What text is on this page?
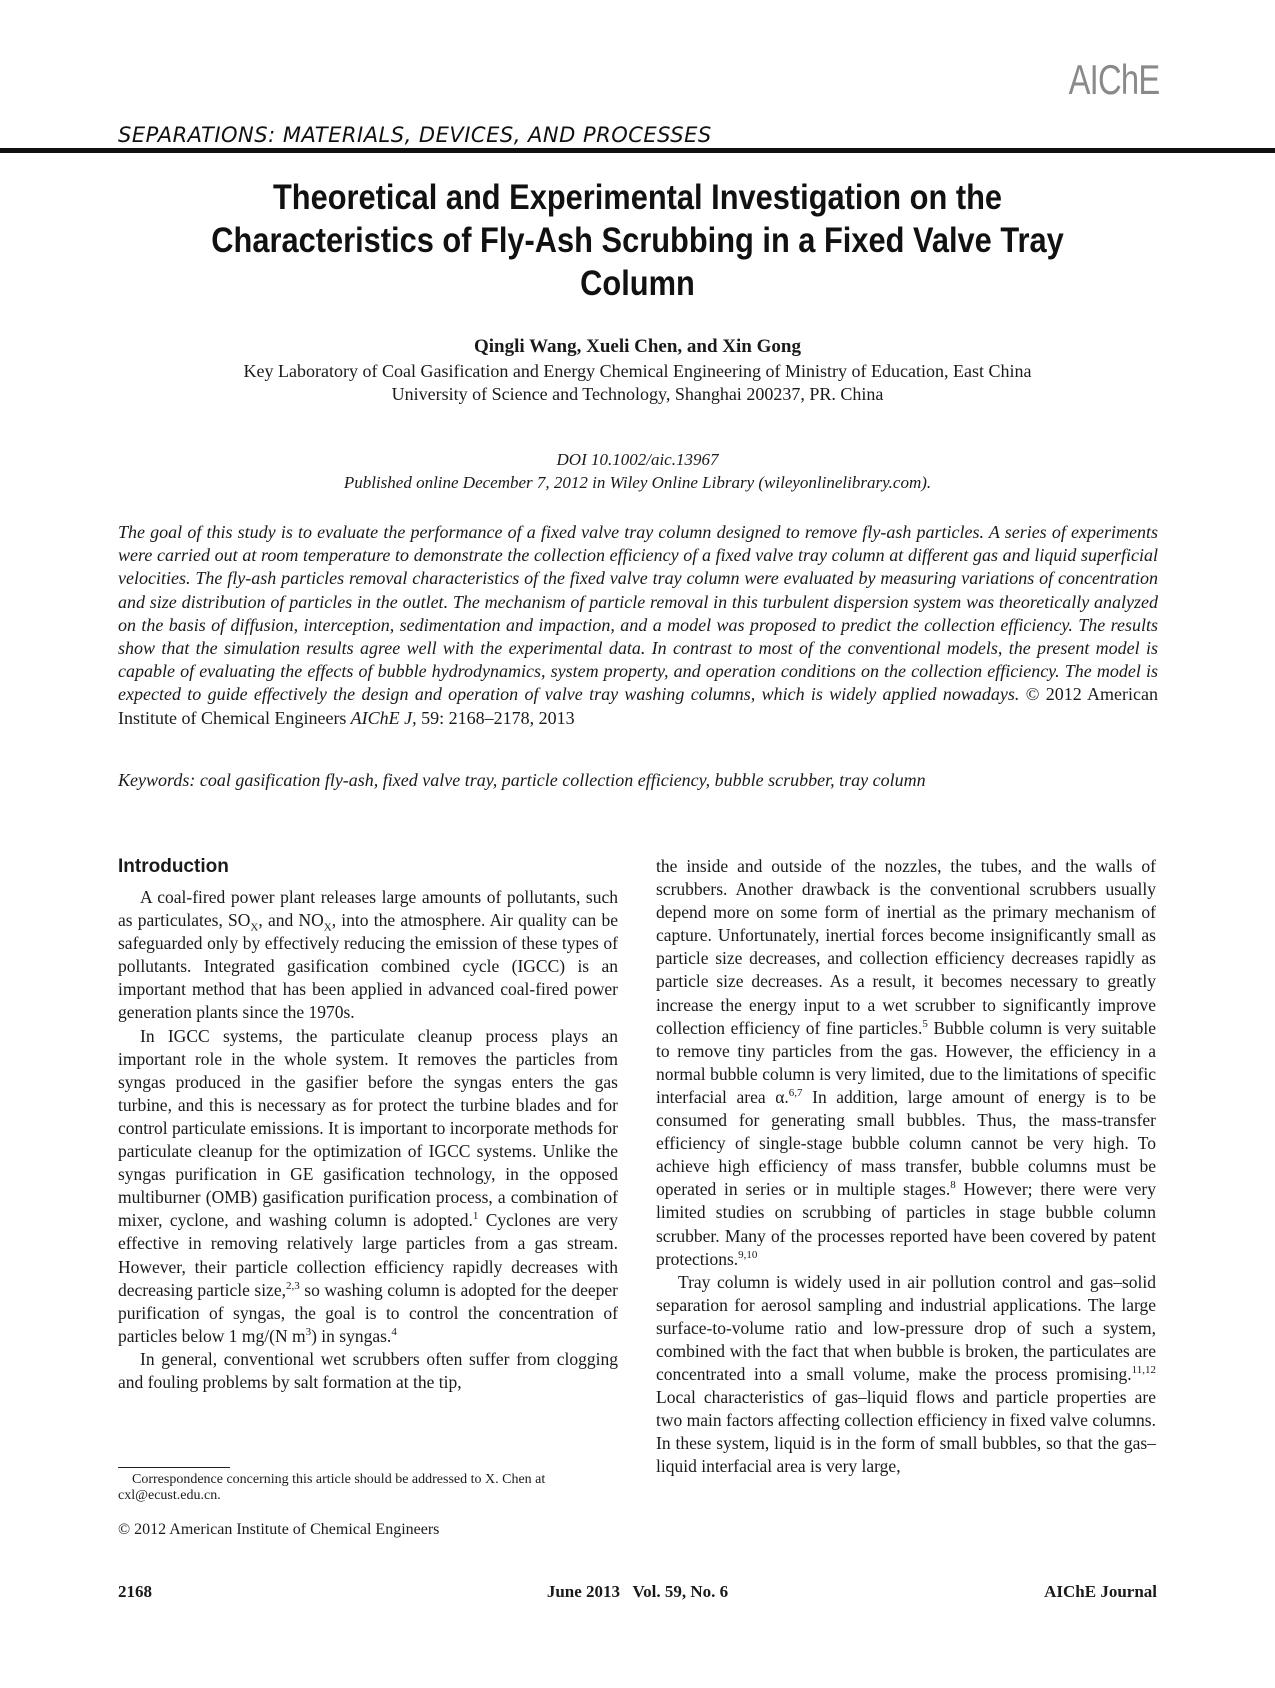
AIChE
SEPARATIONS: MATERIALS, DEVICES, AND PROCESSES
Theoretical and Experimental Investigation on the
Characteristics of Fly-Ash Scrubbing in a Fixed Valve Tray
Column
Qingli Wang, Xueli Chen, and Xin Gong
Key Laboratory of Coal Gasification and Energy Chemical Engineering of Ministry of Education, East China
University of Science and Technology, Shanghai 200237, PR. China
DOI 10.1002/aic.13967
Published online December 7, 2012 in Wiley Online Library (wileyonlinelibrary.com).
The goal of this study is to evaluate the performance of a fixed valve tray column designed to remove fly-ash particles. A series of experiments were carried out at room temperature to demonstrate the collection efficiency of a fixed valve tray column at different gas and liquid superficial velocities. The fly-ash particles removal characteristics of the fixed valve tray column were evaluated by measuring variations of concentration and size distribution of particles in the outlet. The mechanism of particle removal in this turbulent dispersion system was theoretically analyzed on the basis of diffusion, interception, sedimentation and impaction, and a model was proposed to predict the collection efficiency. The results show that the simulation results agree well with the experimental data. In contrast to most of the conventional models, the present model is capable of evaluating the effects of bubble hydrodynamics, system property, and operation conditions on the collection efficiency. The model is expected to guide effectively the design and operation of valve tray washing columns, which is widely applied nowadays. © 2012 American Institute of Chemical Engineers AIChE J, 59: 2168–2178, 2013
Keywords: coal gasification fly-ash, fixed valve tray, particle collection efficiency, bubble scrubber, tray column
Introduction

A coal-fired power plant releases large amounts of pollutants, such as particulates, $SO_X$, and $NO_X$, into the atmosphere. Air quality can be safeguarded only by effectively reducing the emission of these types of pollutants. Integrated gasification combined cycle (IGCC) is an important method that has been applied in advanced coal-fired power generation plants since the 1970s.

In IGCC systems, the particulate cleanup process plays an important role in the whole system. It removes the particles from syngas produced in the gasifier before the syngas enters the gas turbine, and this is necessary as for protect the turbine blades and for control particulate emissions. It is important to incorporate methods for particulate cleanup for the optimization of IGCC systems. Unlike the syngas purification in GE gasification technology, in the opposed multiburner (OMB) gasification purification process, a combination of mixer, cyclone, and washing column is adopted.$^1$ Cyclones are very effective in removing relatively large particles from a gas stream. However, their particle collection efficiency rapidly decreases with decreasing particle size,$^{2,3}$ so washing column is adopted for the deeper purification of syngas, the goal is to control the concentration of particles below 1 mg/(N $m^3$) in syngas.$^4$

In general, conventional wet scrubbers often suffer from clogging and fouling problems by salt formation at the tip,

the inside and outside of the nozzles, the tubes, and the walls of scrubbers. Another drawback is the conventional scrubbers usually depend more on some form of inertial as the primary mechanism of capture. Unfortunately, inertial forces become insignificantly small as particle size decreases, and collection efficiency decreases rapidly as particle size decreases. As a result, it becomes necessary to greatly increase the energy input to a wet scrubber to significantly improve collection efficiency of fine particles.$^5$ Bubble column is very suitable to remove tiny particles from the gas. However, the efficiency in a normal bubble column is very limited, due to the limitations of specific interfacial area α.$^{6,7}$ In addition, large amount of energy is to be consumed for generating small bubbles. Thus, the mass-transfer efficiency of single-stage bubble column cannot be very high. To achieve high efficiency of mass transfer, bubble columns must be operated in series or in multiple stages.$^8$ However; there were very limited studies on scrubbing of particles in stage bubble column scrubber. Many of the processes reported have been covered by patent protections.$^{9,10}$

Tray column is widely used in air pollution control and gas–solid separation for aerosol sampling and industrial applications. The large surface-to-volume ratio and low-pressure drop of such a system, combined with the fact that when bubble is broken, the particulates are concentrated into a small volume, make the process promising.$^{11,12}$ Local characteristics of gas–liquid flows and particle properties are two main factors affecting collection efficiency in fixed valve columns. In these system, liquid is in the form of small bubbles, so that the gas–liquid interfacial area is very large,

Correspondence concerning this article should be addressed to X. Chen at cxl@ecust.edu.cn.
© 2012 American Institute of Chemical Engineers
2168	June 2013   Vol. 59, No. 6	AIChE Journal
